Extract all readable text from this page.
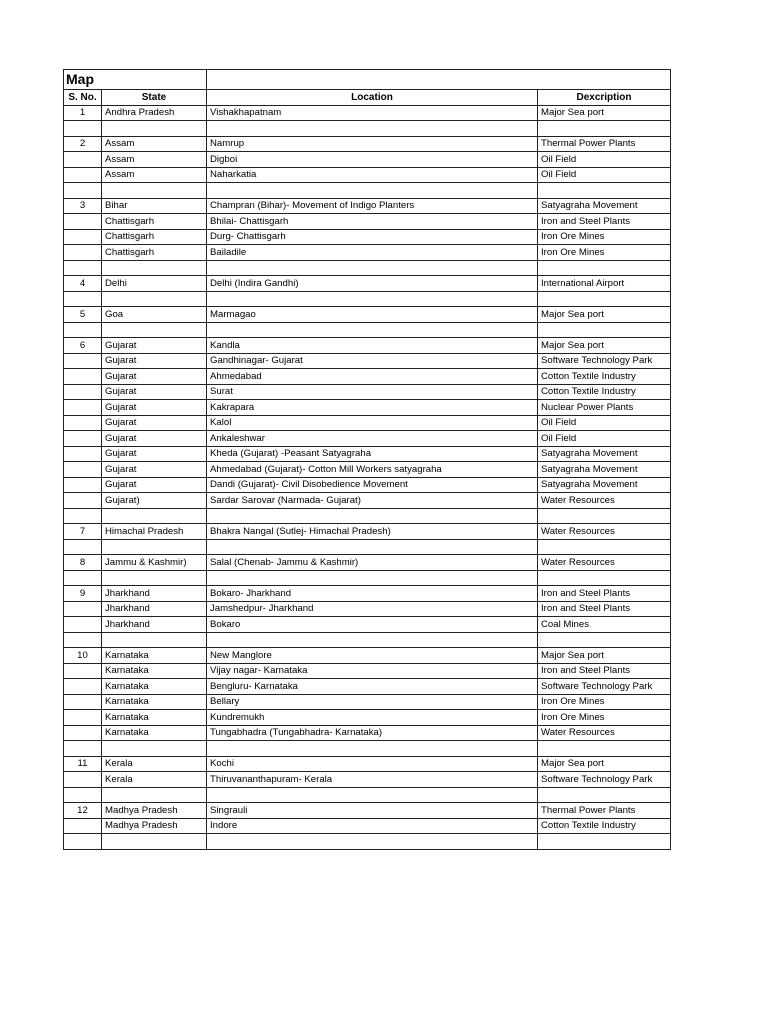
Map			
S. No.	State	Location	Dexcription
1	Andhra Pradesh	Vishakhapatnam	Major Sea port

2	Assam	Namrup	Thermal Power Plants
	Assam	Digboi	Oil Field
	Assam	Naharkatia	Oil Field

3	Bihar	Champran (Bihar)- Movement of Indigo Planters	Satyagraha Movement
	Chattisgarh	Bhilai- Chattisgarh	Iron and Steel Plants
	Chattisgarh	Durg- Chattisgarh	Iron Ore Mines
	Chattisgarh	Bailadile	Iron Ore Mines

4	Delhi	Delhi (Indira Gandhi)	International Airport

5	Goa	Marmagao	Major Sea port

6	Gujarat	Kandla	Major Sea port
	Gujarat	Gandhinagar- Gujarat	Software Technology Park
	Gujarat	Ahmedabad	Cotton Textile Industry
	Gujarat	Surat	Cotton Textile Industry
	Gujarat	Kakrapara	Nuclear Power Plants
	Gujarat	Kalol	Oil Field
	Gujarat	Ankaleshwar	Oil Field
	Gujarat	Kheda (Gujarat) -Peasant Satyagraha	Satyagraha Movement
	Gujarat	Ahmedabad (Gujarat)- Cotton Mill Workers satyagraha	Satyagraha Movement
	Gujarat	Dandi (Gujarat)- Civil Disobedience Movement	Satyagraha Movement
	Gujarat)	Sardar Sarovar (Narmada- Gujarat)	Water Resources

7	Himachal Pradesh	Bhakra Nangal (Sutlej- Himachal Pradesh)	Water Resources

8	Jammu & Kashmir)	Salal (Chenab- Jammu & Kashmir)	Water Resources

9	Jharkhand	Bokaro- Jharkhand	Iron and Steel Plants
	Jharkhand	Jamshedpur- Jharkhand	Iron and Steel Plants
	Jharkhand	Bokaro	Coal Mines

10	Karnataka	New Manglore	Major Sea port
	Karnataka	Vijay nagar- Karnataka	Iron and Steel Plants
	Karnataka	Bengluru- Karnataka	Software Technology Park
	Karnataka	Bellary	Iron Ore Mines
	Karnataka	Kundremukh	Iron Ore Mines
	Karnataka	Tungabhadra (Tungabhadra- Karnataka)	Water Resources

11	Kerala	Kochi	Major Sea port
	Kerala	Thiruvananthapuram- Kerala	Software Technology Park

12	Madhya Pradesh	Singrauli	Thermal Power Plants
	Madhya Pradesh	Indore	Cotton Textile Industry
